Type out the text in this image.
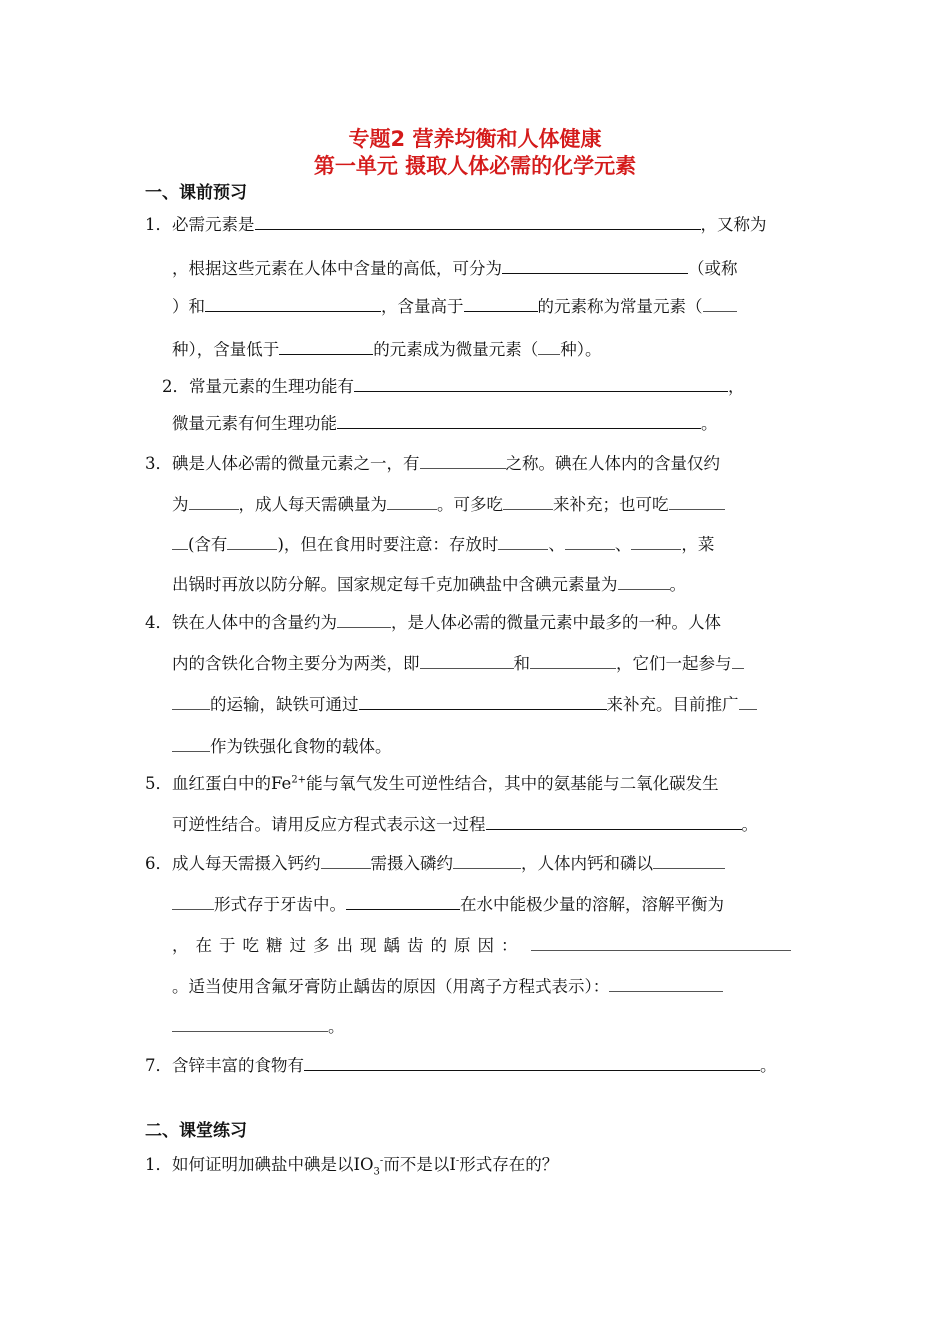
专题2 营养均衡和人体健康
第一单元 摄取人体必需的化学元素
一、课前预习
1．必需元素是	，又称为
，根据这些元素在人体中含量的高低，可分为	（或称
）和	，含量高于	的元素称为常量元素（
种），含量低于	的元素成为微量元素（ 种）。
2．常量元素的生理功能有	，
微量元素有何生理功能	。
3．碘是人体必需的微量元素之一，有	之称。碘在人体内的含量仅约
为	，成人每天需碘量为	。可多吃	来补充；也可吃
(含有	)，但在食用时要注意：存放时	、	、	，菜
出锅时再放以防分解。国家规定每千克加碘盐中含碘元素量为	。
4．铁在人体中的含量约为	，是人体必需的微量元素中最多的一种。人体
内的含铁化合物主要分为两类，即	和	，它们一起参与
的运输，缺铁可通过	来补充。目前推广
作为铁强化食物的载体。
5．血红蛋白中的$Fe^{2+}$能与氧气发生可逆性结合，其中的氨基能与二氧化碳发生
可逆性结合。请用反应方程式表示这一过程	。
6．成人每天需摄入钙约	需摄入磷约	，人体内钙和磷以
形式存于牙齿中。	在水中能极少量的溶解，溶解平衡为
，在于吃糖过多出现龋齿的原因：
。适当使用含氟牙膏防止龋齿的原因（用离子方程式表示）：
。
7．含锌丰富的食物有	。
二、课堂练习
1．如何证明加碘盐中碘是以$IO_3^-$而不是以I-形式存在的？
